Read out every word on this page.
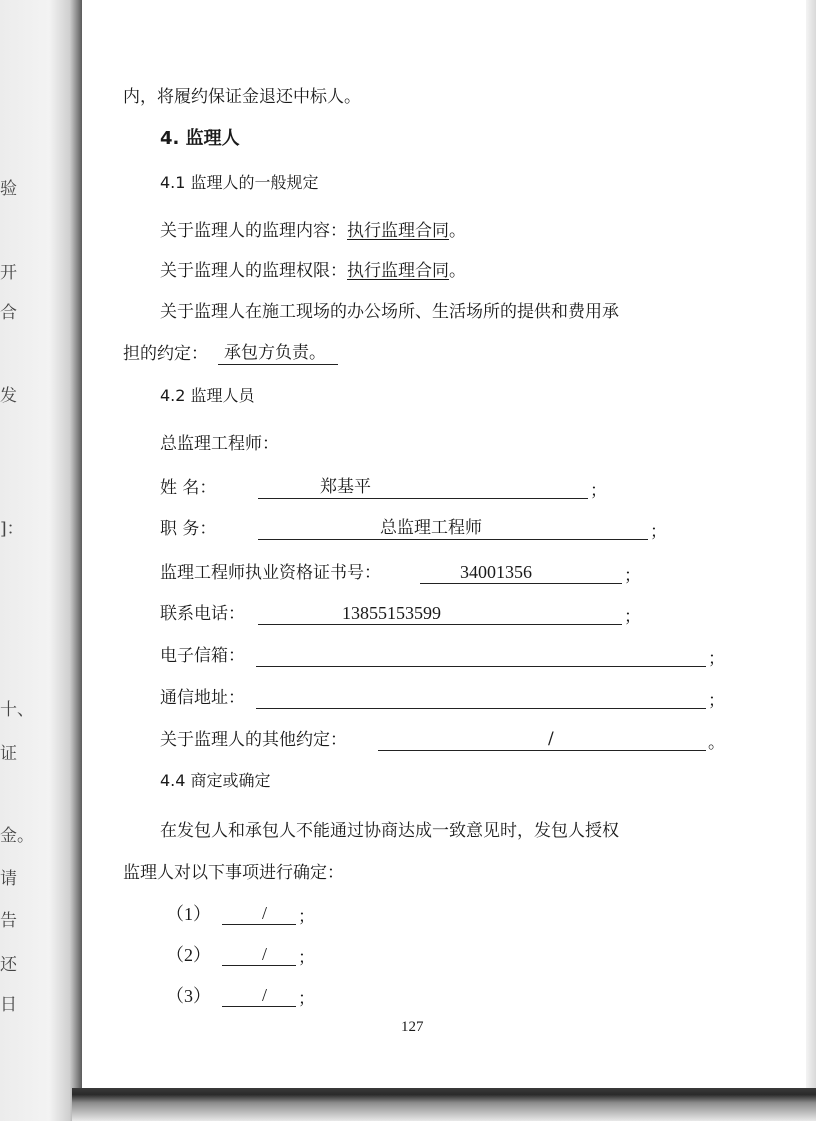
验
开
合
发
]：
十、
证
金。
请
告
还
日
内，将履约保证金退还中标人。
4. 监理人
4.1 监理人的一般规定
关于监理人的监理内容：执行监理合同。
关于监理人的监理权限：执行监理合同。
关于监理人在施工现场的办公场所、生活场所的提供和费用承
担的约定： 承包方负责。
4.2 监理人员
总监理工程师：
姓 名：	郑基平	；
职 务：	总监理工程师	；
监理工程师执业资格证书号：	34001356	；
联系电话：	13855153599	；
电子信箱：	；
通信地址：	；
关于监理人的其他约定：	/	。
4.4 商定或确定
在发包人和承包人不能通过协商达成一致意见时，发包人授权
监理人对以下事项进行确定：
（1）	/	；
（2）	/	；
（3）	/	；
127
